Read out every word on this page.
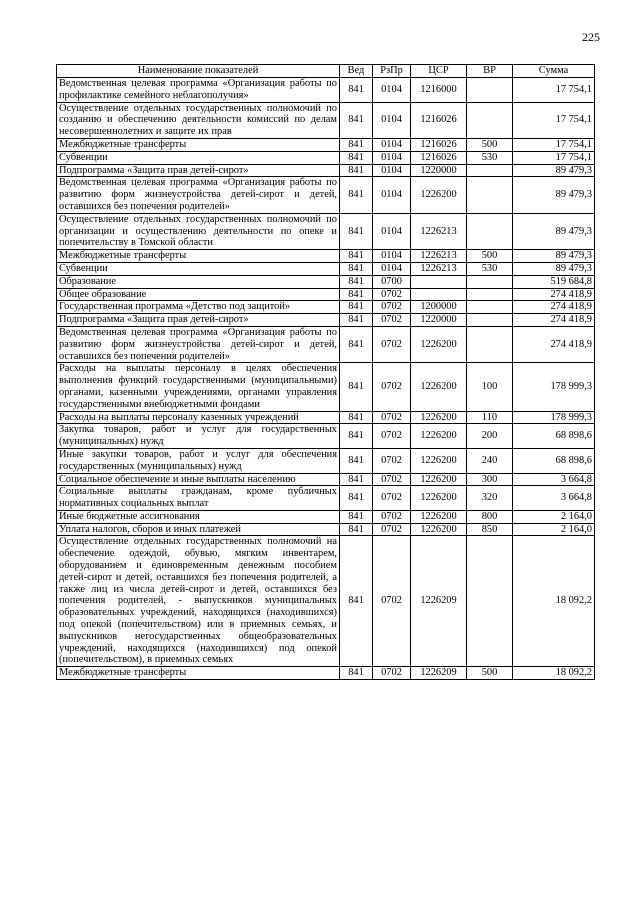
225
Наименование показателей	Вед	РзПр	ЦСР	ВР	Сумма
Ведомственная целевая программа «Организация работы по профилактике семейного неблагополучия»	841	0104	1216000		17 754,1
Осуществление отдельных государственных полномочий по созданию и обеспечению деятельности комиссий по делам несовершеннолетних и защите их прав	841	0104	1216026		17 754,1
Межбюджетные трансферты	841	0104	1216026	500	17 754,1
Субвенции	841	0104	1216026	530	17 754,1
Подпрограмма «Защита прав детей-сирот»	841	0104	1220000		89 479,3
Ведомственная целевая программа «Организация работы по развитию форм жизнеустройства детей-сирот и детей, оставшихся без попечения родителей»	841	0104	1226200		89 479,3
Осуществление отдельных государственных полномочий по организации и осуществлению деятельности по опеке и попечительству в Томской области	841	0104	1226213		89 479,3
Межбюджетные трансферты	841	0104	1226213	500	89 479,3
Субвенции	841	0104	1226213	530	89 479,3
Образование	841	0700			519 684,8
Общее образование	841	0702			274 418,9
Государственная программа «Детство под защитой»	841	0702	1200000		274 418,9
Подпрограмма «Защита прав детей-сирот»	841	0702	1220000		274 418,9
Ведомственная целевая программа «Организация работы по развитию форм жизнеустройства детей-сирот и детей, оставшихся без попечения родителей»	841	0702	1226200		274 418,9
Расходы на выплаты персоналу в целях обеспечения выполнения функций государственными (муниципальными) органами, казенными учреждениями, органами управления государственными внебюджетными фондами	841	0702	1226200	100	178 999,3
Расходы на выплаты персоналу казенных учреждений	841	0702	1226200	110	178 999,3
Закупка товаров, работ и услуг для государственных (муниципальных) нужд	841	0702	1226200	200	68 898,6
Иные закупки товаров, работ и услуг для обеспечения государственных (муниципальных) нужд	841	0702	1226200	240	68 898,6
Социальное обеспечение и иные выплаты населению	841	0702	1226200	300	3 664,8
Социальные выплаты гражданам, кроме публичных нормативных социальных выплат	841	0702	1226200	320	3 664,8
Иные бюджетные ассигнования	841	0702	1226200	800	2 164,0
Уплата налогов, сборов и иных платежей	841	0702	1226200	850	2 164,0
Осуществление отдельных государственных полномочий на обеспечение одеждой, обувью, мягким инвентарем, оборудованием и единовременным денежным пособием детей-сирот и детей, оставшихся без попечения родителей, а также лиц из числа детей-сирот и детей, оставшихся без попечения родителей, - выпускников муниципальных образовательных учреждений, находящихся (находившихся) под опекой (попечительством) или в приемных семьях, и выпускников негосударственных общеобразовательных учреждений, находящихся (находившихся) под опекой (попечительством), в приемных семьях	841	0702	1226209		18 092,2
Межбюджетные трансферты	841	0702	1226209	500	18 092,2
